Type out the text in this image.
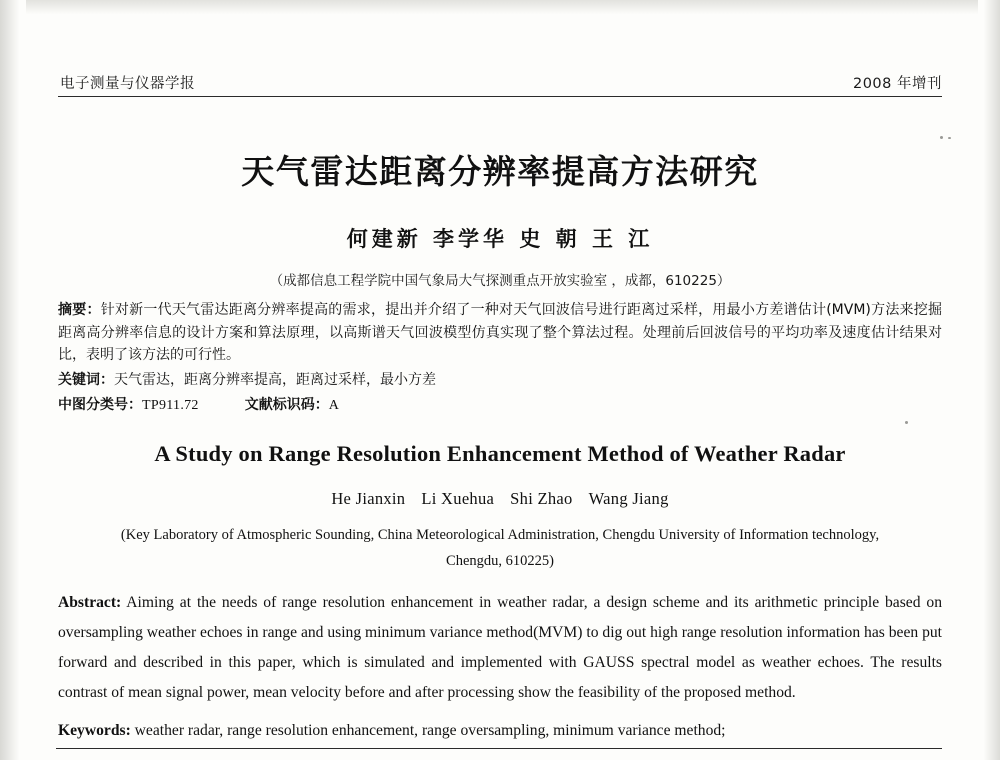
电子测量与仪器学报	2008 年增刊
天气雷达距离分辨率提高方法研究
何建新 李学华 史 朝 王 江
（成都信息工程学院中国气象局大气探测重点开放实验室 ，成都，610225）

摘要：针对新一代天气雷达距离分辨率提高的需求，提出并介绍了一种对天气回波信号进行距离过采样，用最小方差谱估计(MVM)方法来挖掘距离高分辨率信息的设计方案和算法原理，以高斯谱天气回波模型仿真实现了整个算法过程。处理前后回波信号的平均功率及速度估计结果对比，表明了该方法的可行性。

关键词：天气雷达，距离分辨率提高，距离过采样，最小方差

中图分类号：TP911.72	文献标识码：A

A Study on Range Resolution Enhancement Method of Weather Radar
He Jianxin Li Xuehua Shi Zhao Wang Jiang
(Key Laboratory of Atmospheric Sounding, China Meteorological Administration, Chengdu University of Information technology,
Chengdu, 610225)
Abstract: Aiming at the needs of range resolution enhancement in weather radar, a design scheme and its arithmetic principle based on oversampling weather echoes in range and using minimum variance method(MVM) to dig out high range resolution information has been put forward and described in this paper, which is simulated and implemented with GAUSS spectral model as weather echoes. The results contrast of mean signal power, mean velocity before and after processing show the feasibility of the proposed method.
Keywords: weather radar, range resolution enhancement, range oversampling, minimum variance method;
